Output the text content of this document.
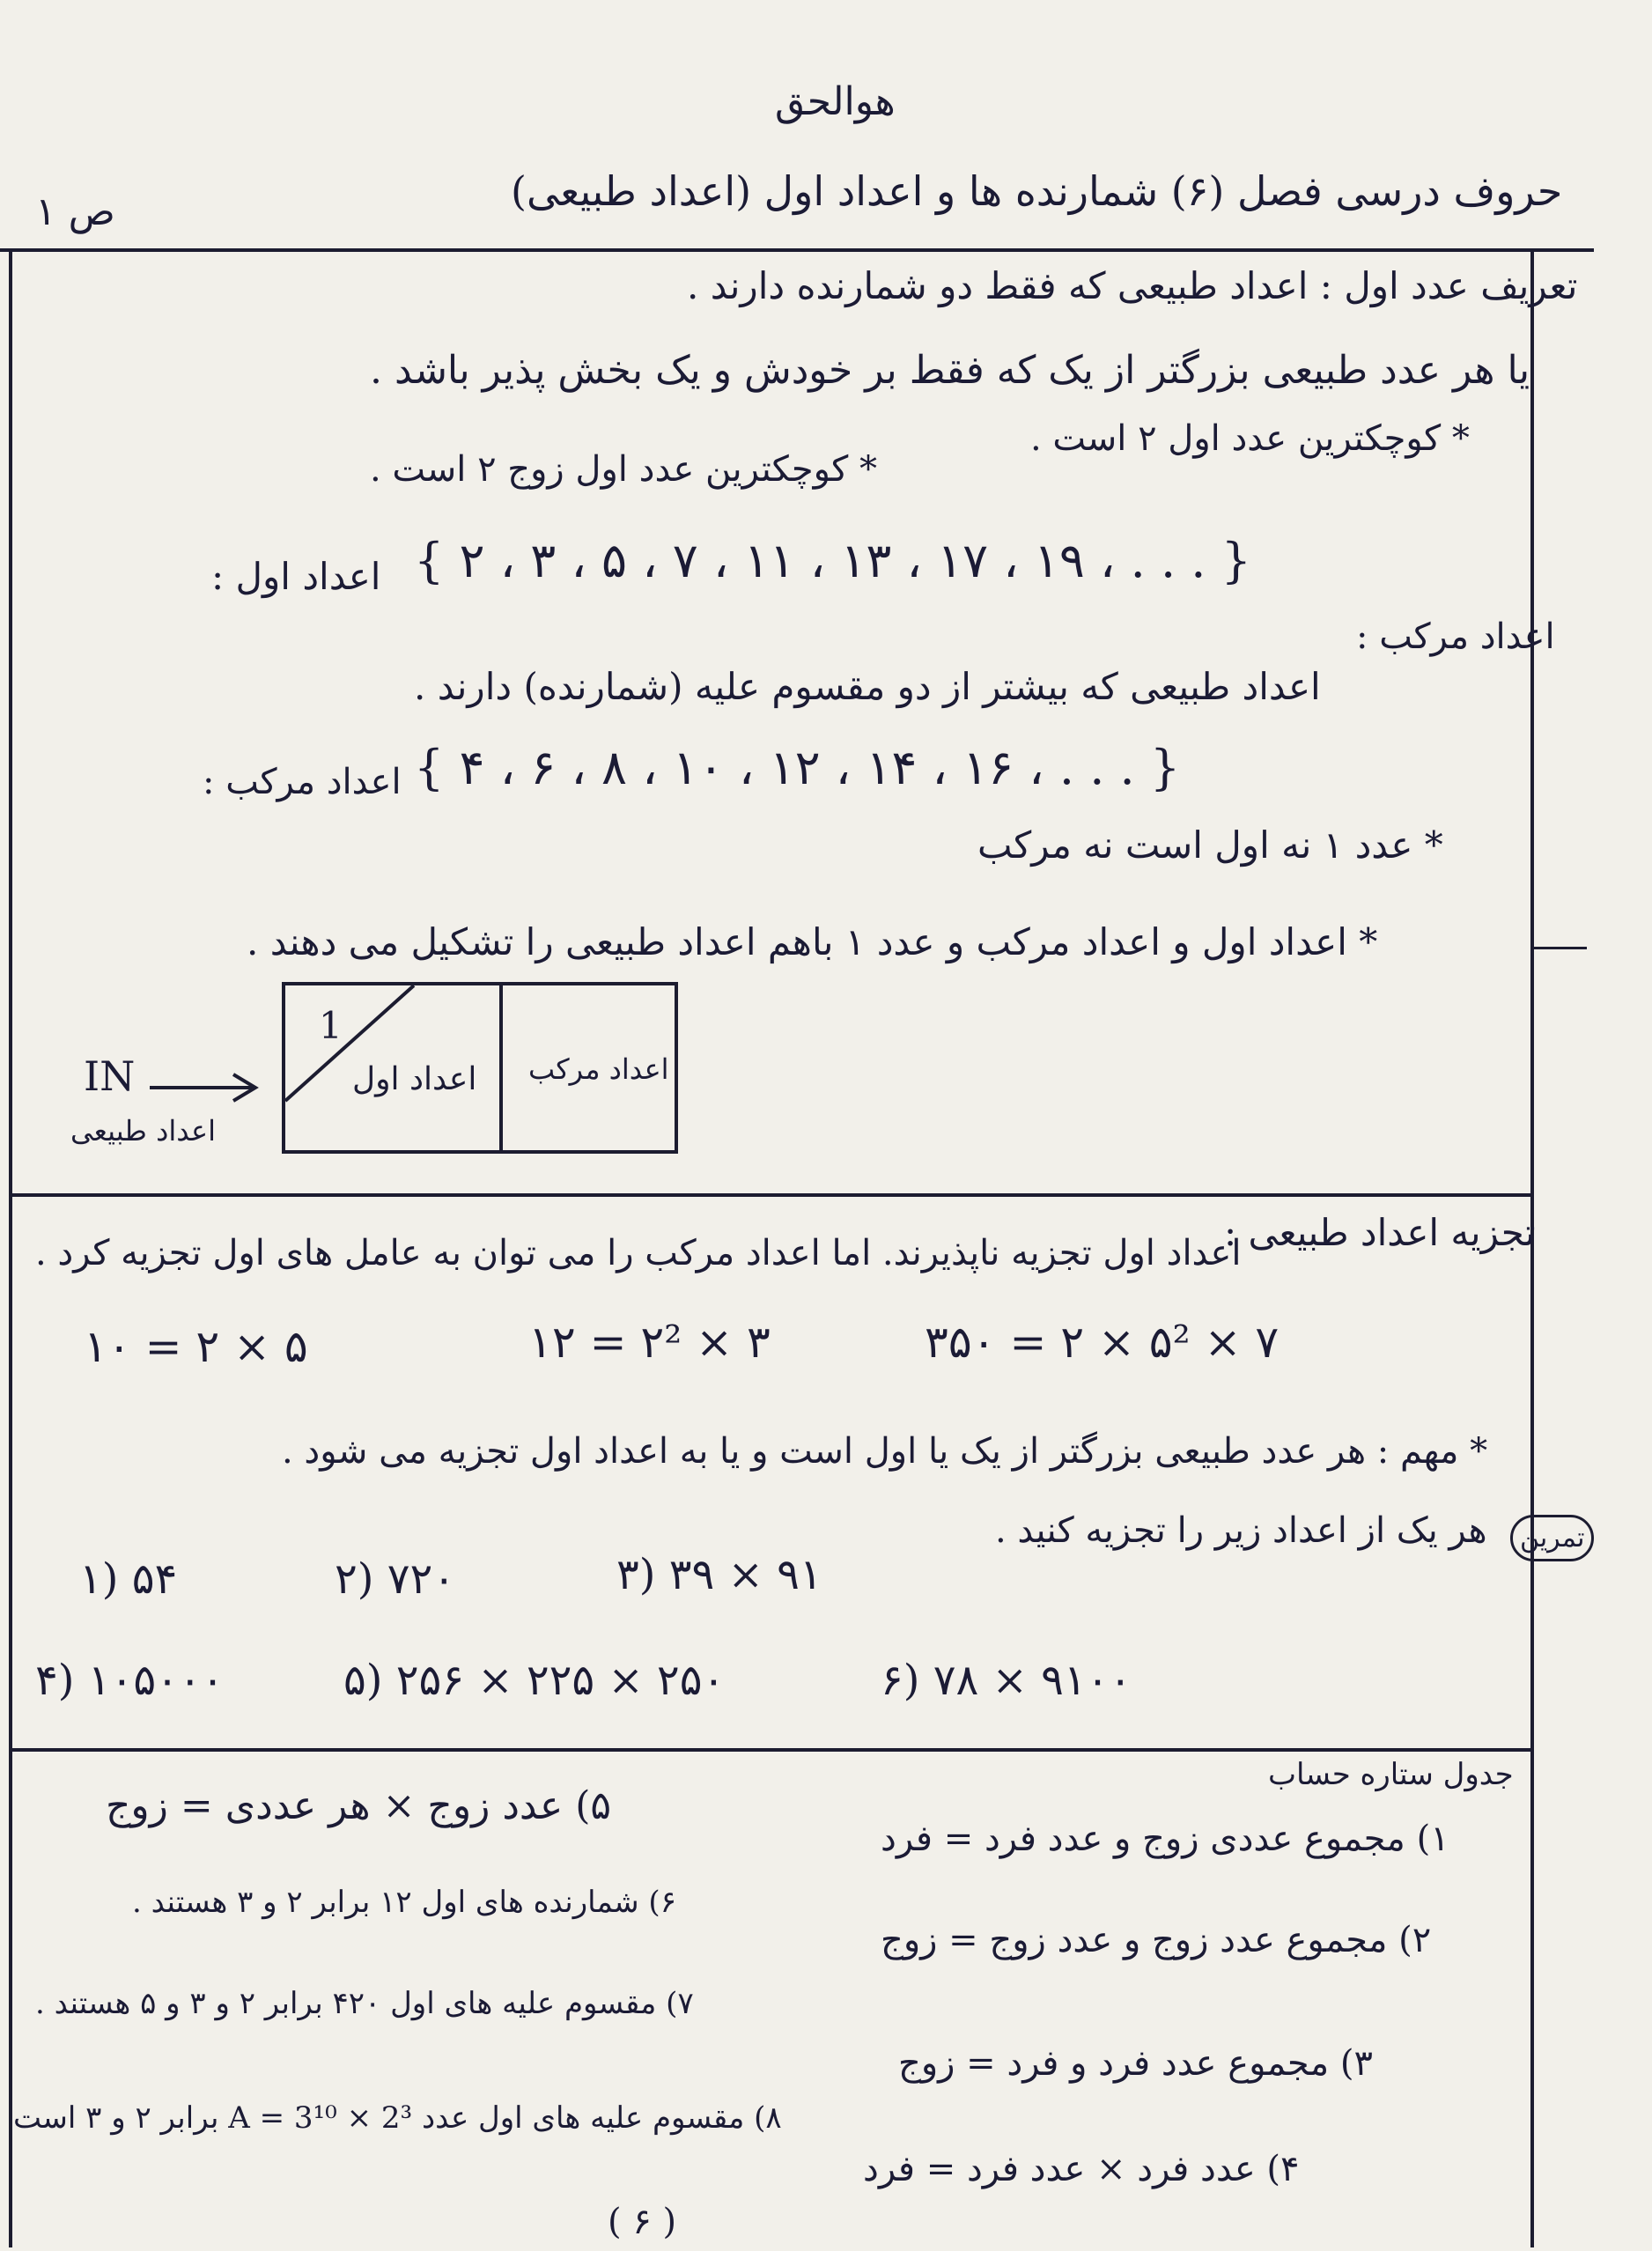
هوالحق
حروف درسی فصل (۶) شمارنده ها و اعداد اول (اعداد طبیعی)
ص ۱
تعریف عدد اول : اعداد طبیعی که فقط دو شمارنده دارند .
یا هر عدد طبیعی بزرگتر از یک که فقط بر خودش و یک بخش پذیر باشد .
* کوچکترین عدد اول زوج ۲ است .
* کوچکترین عدد اول ۲ است .
اعداد اول : { ۲ ، ۳ ، ۵ ، ۷ ، ۱۱ ، ۱۳ ، ۱۷ ، ۱۹ ، . . . }
اعداد مرکب :
اعداد طبیعی که بیشتر از دو مقسوم علیه (شمارنده) دارند .
اعداد مرکب : { ۴ ، ۶ ، ۸ ، ۱۰ ، ۱۲ ، ۱۴ ، ۱۶ ، . . . }
* عدد ۱ نه اول است نه مرکب
* اعداد اول و اعداد مرکب و عدد ۱ باهم اعداد طبیعی را تشکیل می دهند .
1
اعداد اول اعداد مرکب
IN
اعداد طبیعی
تجزیه اعداد طبیعی :
اعداد اول تجزیه ناپذیرند. اما اعداد مرکب را می توان به عامل های اول تجزیه کرد .
۱۰ = ۲ × ۵	۱۲ = ۲² × ۳	۳۵۰ = ۲ × ۵² × ۷
* مهم : هر عدد طبیعی بزرگتر از یک یا اول است و یا به اعداد اول تجزیه می شود .
تمرین
هر یک از اعداد زیر را تجزیه کنید .
۱) ۵۴	۲) ۷۲۰	۳) ۳۹ × ۹۱
۴) ۱۰۵۰۰۰	۵) ۲۵۶ × ۲۲۵ × ۲۵۰	۶) ۷۸ × ۹۱۰۰
جدول ستاره حساب
۱) مجموع عددی زوج و عدد فرد = فرد
۲) مجموع عدد زوج و عدد زوج = زوج
۳) مجموع عدد فرد و فرد = زوج
۴) عدد فرد × عدد فرد = فرد
۵) عدد زوج × هر عددی = زوج
۶) شمارنده های اول ۱۲ برابر ۲ و ۳ هستند .
۷) مقسوم علیه های اول ۴۲۰ برابر ۲ و ۳ و ۵ هستند .
۸) مقسوم علیه های اول عدد A = 3¹⁰ × 2³ برابر ۲ و ۳ است
( ۶ )
